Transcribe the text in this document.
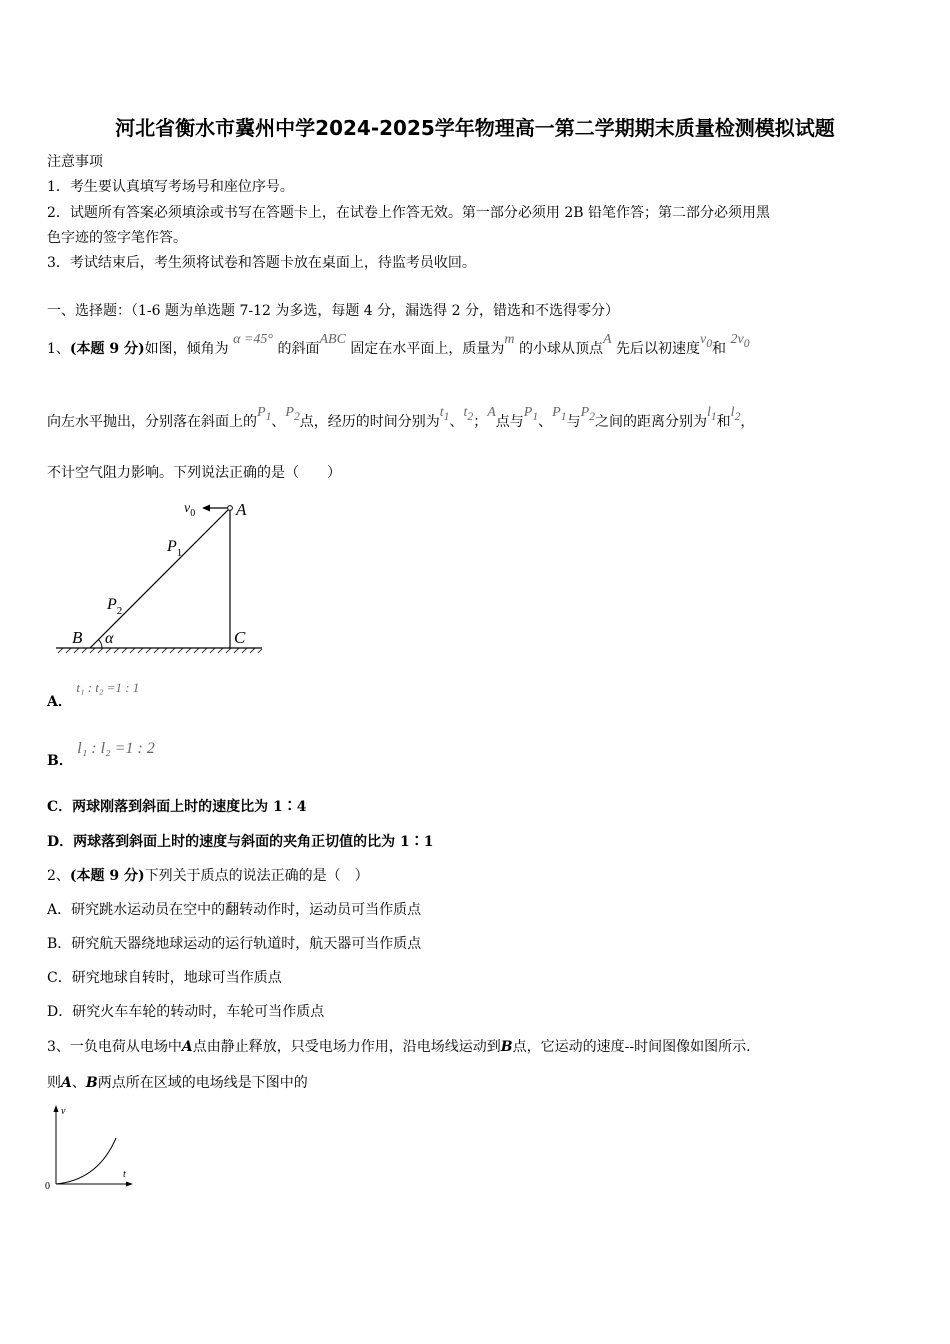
河北省衡水市冀州中学2024-2025学年物理高一第二学期期末质量检测模拟试题
注意事项
1．考生要认真填写考场号和座位序号。
2．试题所有答案必须填涂或书写在答题卡上，在试卷上作答无效。第一部分必须用 2B 铅笔作答；第二部分必须用黑
色字迹的签字笔作答。
3．考试结束后，考生须将试卷和答题卡放在桌面上，待监考员收回。
一、选择题：（1-6 题为单选题 7-12 为多选，每题 4 分，漏选得 2 分，错选和不选得零分）
1、(本题 9 分)如图，倾角为 α =45° 的斜面ABC 固定在水平面上，质量为m 的小球从顶点A 先后以初速度$v_0$和 $2v_0$
向左水平抛出，分别落在斜面上的$P_1$、$P_2$点，经历的时间分别为$t_1$、$t_2$；A点与$P_1$、$P_1$与$P_2$之间的距离分别为$l_1$和$l_2$，
不计空气阻力影响。下列说法正确的是（　　）
$v_0$ A
$P_1$
$P_2$
B α	C
A． t₁ : t₂ =1 : 1
B． l₁ : l₂ =1 : 2
C．两球刚落到斜面上时的速度比为 1∶4
D．两球落到斜面上时的速度与斜面的夹角正切值的比为 1∶1
2、(本题 9 分)下列关于质点的说法正确的是（　）
A．研究跳水运动员在空中的翻转动作时，运动员可当作质点
B．研究航天器绕地球运动的运行轨道时，航天器可当作质点
C．研究地球自转时，地球可当作质点
D．研究火车车轮的转动时，车轮可当作质点
3、一负电荷从电场中A点由静止释放，只受电场力作用，沿电场线运动到B点，它运动的速度--时间图像如图所示.
则A、B两点所在区域的电场线是下图中的
v
t
0
